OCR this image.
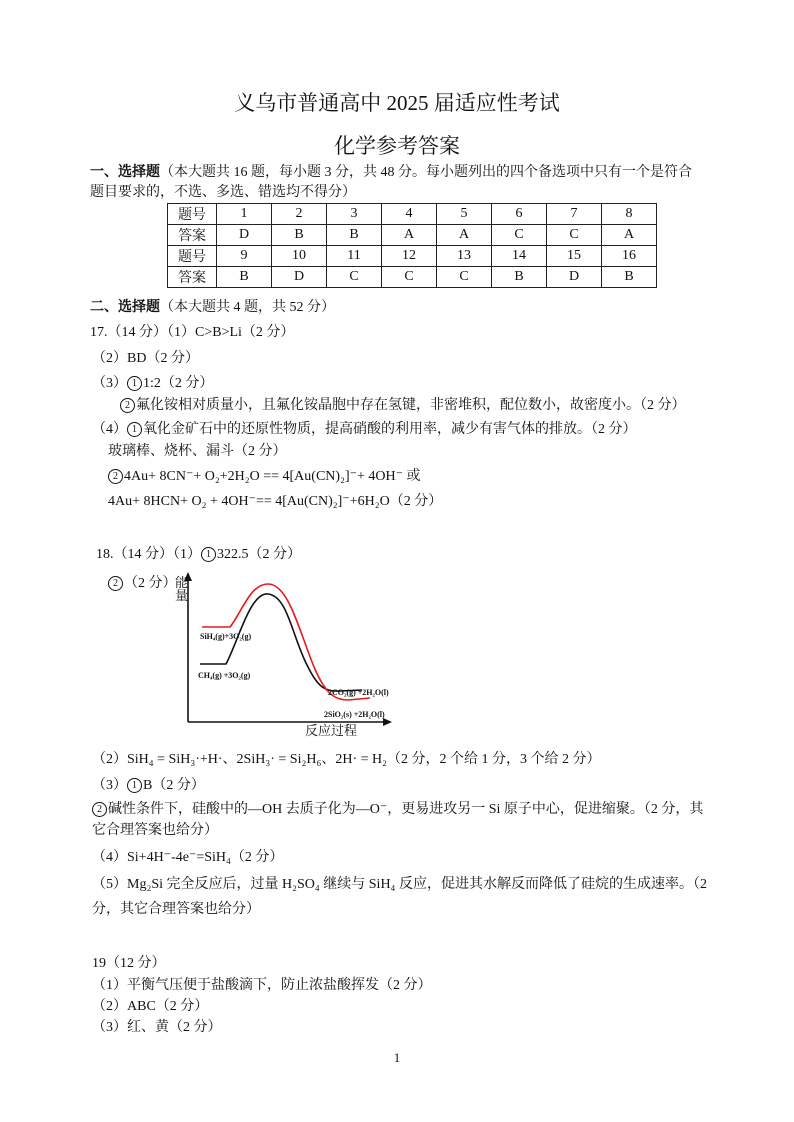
义乌市普通高中 2025 届适应性考试
化学参考答案
一、选择题（本大题共 16 题，每小题 3 分，共 48 分。每小题列出的四个备选项中只有一个是符合
题目要求的，不选、多选、错选均不得分）
题号	1	2	3	4	5	6	7	8
答案	D	B	B	A	A	C	C	A
题号	9	10	11	12	13	14	15	16
答案	B	D	C	C	C	B	D	B
二、选择题（本大题共 4 题，共 52 分）
17.（14 分）（1）C>B>Li（2 分）
（2）BD（2 分）
（3） 1 1:2（2 分）
2 氟化铵相对质量小，且氟化铵晶胞中存在氢键，非密堆积，配位数小，故密度小。（2 分）
（4） 1 氧化金矿石中的还原性物质，提高硝酸的利用率，减少有害气体的排放。（2 分）
玻璃棒、烧杯、漏斗（2 分）
2 4Au+ 8CN⁻+ O₂+2H₂O == 4[Au(CN)₂]⁻+ 4OH⁻ 或
4Au+ 8HCN+ O₂ + 4OH⁻== 4[Au(CN)₂]⁻+6H₂O（2 分）
18.（14 分）（1） 1 322.5（2 分）
2 （2 分）
能量
SiH₄(g)+3O₂(g)
CH₄(g) +3O₂(g)
2CO₂(g) +2H₂O(l)
2SiO₂(s) +2H₂O(l)
反应过程
（2）SiH₄ = SiH₃·+H·、2SiH₃· = Si₂H₆、2H· = H₂（2 分，2 个给 1 分，3 个给 2 分）
（3） 1 B（2 分）
2 碱性条件下，硅酸中的—OH 去质子化为—O⁻，更易进攻另一 Si 原子中心，促进缩聚。（2 分，其
它合理答案也给分）
（4）Si+4H⁻-4e⁻=SiH₄（2 分）
（5）Mg₂Si 完全反应后，过量 H₂SO₄ 继续与 SiH₄ 反应，促进其水解反而降低了硅烷的生成速率。（2
分，其它合理答案也给分）
19（12 分）
（1）平衡气压便于盐酸滴下，防止浓盐酸挥发（2 分）
（2）ABC（2 分）
（3）红、黄（2 分）
1
